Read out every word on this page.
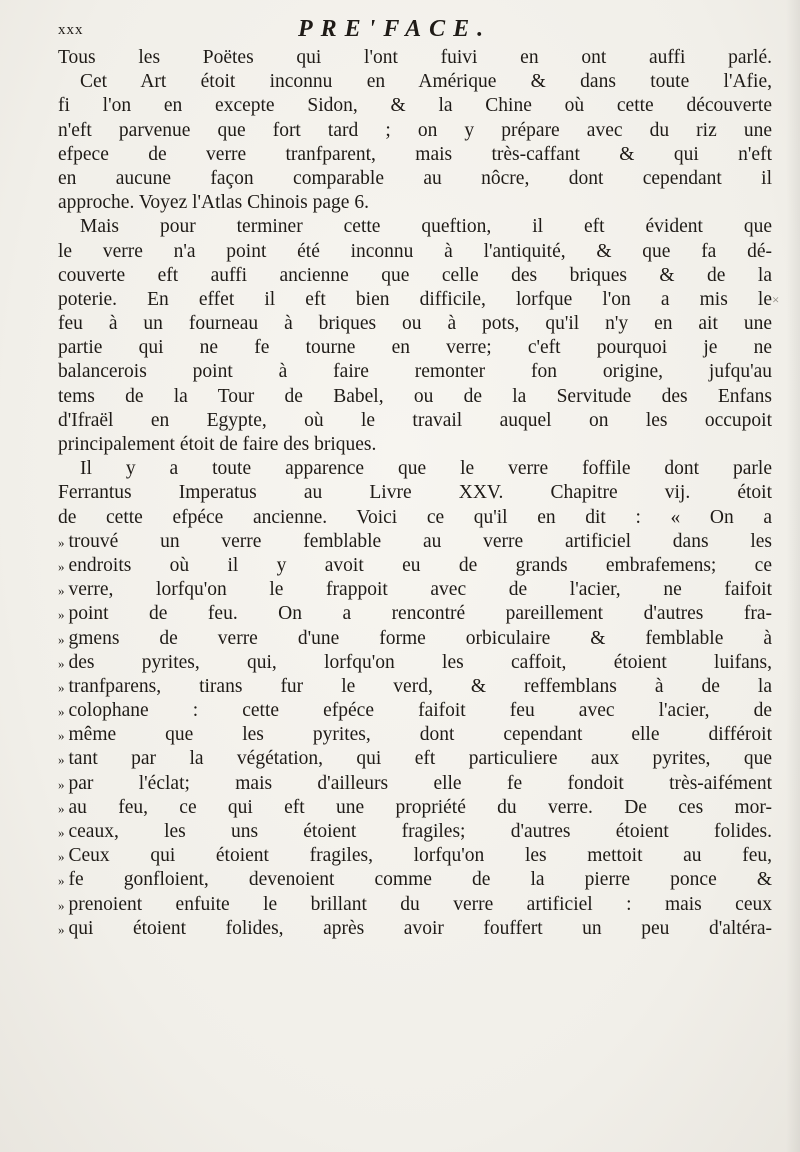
xxx	PRE'FACE.
Tous les Poëtes qui l'ont fuivi en ont auffi parlé.
Cet Art étoit inconnu en Amérique & dans toute l'Afie,
fi l'on en excepte Sidon, & la Chine où cette découverte
n'eft parvenue que fort tard ; on y prépare avec du riz une
efpece de verre tranfparent, mais très-caffant & qui n'eft
en aucune façon comparable au nôcre, dont cependant il
approche. Voyez l'Atlas Chinois page 6.
Mais pour terminer cette queftion, il eft évident que
le verre n'a point été inconnu à l'antiquité, & que fa dé-
couverte eft auffi ancienne que celle des briques & de la
poterie. En effet il eft bien difficile, lorfque l'on a mis le
feu à un fourneau à briques ou à pots, qu'il n'y en ait une
partie qui ne fe tourne en verre; c'eft pourquoi je ne
balancerois point à faire remonter fon origine, jufqu'au
tems de la Tour de Babel, ou de la Servitude des Enfans
d'Ifraël en Egypte, où le travail auquel on les occupoit
principalement étoit de faire des briques.
Il y a toute apparence que le verre foffile dont parle
Ferrantus Imperatus au Livre XXV. Chapitre vij. étoit
de cette efpéce ancienne. Voici ce qu'il en dit : « On a
» trouvé un verre femblable au verre artificiel dans les
» endroits où il y avoit eu de grands embrafemens; ce
» verre, lorfqu'on le frappoit avec de l'acier, ne faifoit
» point de feu. On a rencontré pareillement d'autres fra-
» gmens de verre d'une forme orbiculaire & femblable à
» des pyrites, qui, lorfqu'on les caffoit, étoient luifans,
» tranfparens, tirans fur le verd, & reffemblans à de la
» colophane : cette efpéce faifoit feu avec l'acier, de
» même que les pyrites, dont cependant elle différoit
» tant par la végétation, qui eft particuliere aux pyrites, que
» par l'éclat; mais d'ailleurs elle fe fondoit très-aifément
» au feu, ce qui eft une propriété du verre. De ces mor-
» ceaux, les uns étoient fragiles; d'autres étoient folides.
» Ceux qui étoient fragiles, lorfqu'on les mettoit au feu,
» fe gonfloient, devenoient comme de la pierre ponce &
» prenoient enfuite le brillant du verre artificiel : mais ceux
» qui étoient folides, après avoir fouffert un peu d'altéra-
×
